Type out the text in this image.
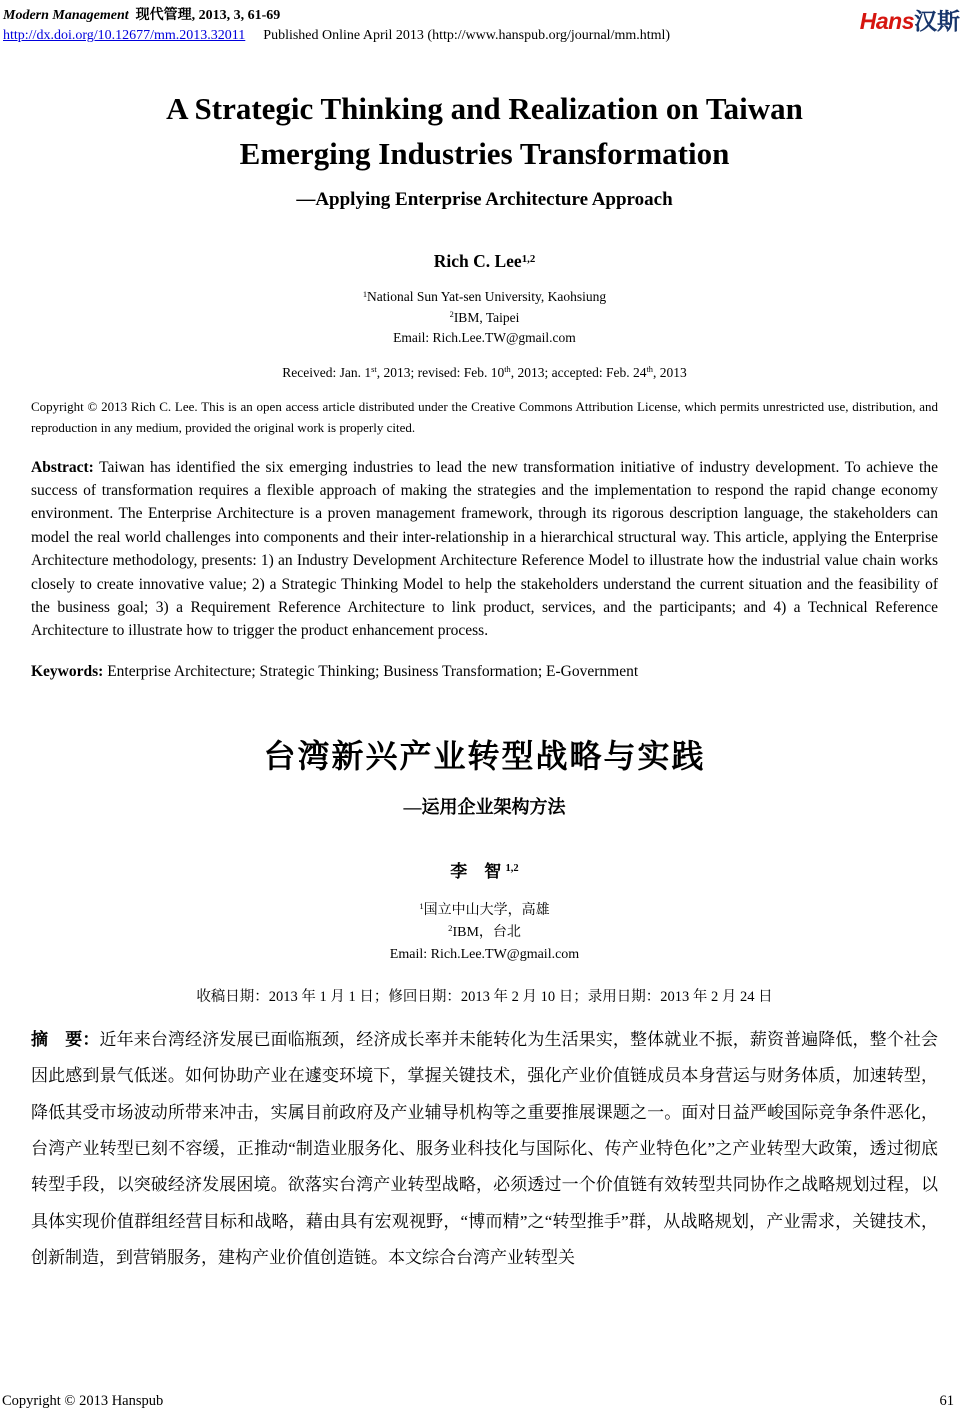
Modern Management 现代管理, 2013, 3, 61-69
http://dx.doi.org/10.12677/mm.2013.32011 Published Online April 2013 (http://www.hanspub.org/journal/mm.html)
Hans汉斯
A Strategic Thinking and Realization on Taiwan
Emerging Industries Transformation
—Applying Enterprise Architecture Approach
Rich C. Lee$^{1,2}$
$^1$National Sun Yat-sen University, Kaohsiung
$^2$IBM, Taipei
Email: Rich.Lee.TW@gmail.com
Received: Jan. 1st, 2013; revised: Feb. 10th, 2013; accepted: Feb. 24th, 2013
Copyright © 2013 Rich C. Lee. This is an open access article distributed under the Creative Commons Attribution License, which permits unrestricted use, distribution, and reproduction in any medium, provided the original work is properly cited.
Abstract: Taiwan has identified the six emerging industries to lead the new transformation initiative of industry development. To achieve the success of transformation requires a flexible approach of making the strategies and the implementation to respond the rapid change economy environment. The Enterprise Architecture is a proven management framework, through its rigorous description language, the stakeholders can model the real world challenges into components and their inter-relationship in a hierarchical structural way. This article, applying the Enterprise Architecture methodology, presents: 1) an Industry Development Architecture Reference Model to illustrate how the industrial value chain works closely to create innovative value; 2) a Strategic Thinking Model to help the stakeholders understand the current situation and the feasibility of the business goal; 3) a Requirement Reference Architecture to link product, services, and the participants; and 4) a Technical Reference Architecture to illustrate how to trigger the product enhancement process.
Keywords: Enterprise Architecture; Strategic Thinking; Business Transformation; E-Government
台湾新兴产业转型战略与实践
—运用企业架构方法
李　智 $^{1,2}$
$^1$国立中山大学，高雄
$^2$IBM，台北
Email: Rich.Lee.TW@gmail.com
收稿日期：2013 年 1 月 1 日；修回日期：2013 年 2 月 10 日；录用日期：2013 年 2 月 24 日
摘　要：近年来台湾经济发展已面临瓶颈，经济成长率并未能转化为生活果实，整体就业不振，薪资普遍降低，整个社会因此感到景气低迷。如何协助产业在遽变环境下，掌握关键技术，强化产业价值链成员本身营运与财务体质，加速转型，降低其受市场波动所带来冲击，实属目前政府及产业辅导机构等之重要推展课题之一。面对日益严峻国际竞争条件恶化，台湾产业转型已刻不容缓，正推动“制造业服务化、服务业科技化与国际化、传产业特色化”之产业转型大政策，透过彻底转型手段，以突破经济发展困境。欲落实台湾产业转型战略，必须透过一个价值链有效转型共同协作之战略规划过程，以具体实现价值群组经营目标和战略，藉由具有宏观视野，“博而精”之“转型推手”群，从战略规划，产业需求，关键技术，创新制造，到营销服务，建构产业价值创造链。本文综合台湾产业转型关
Copyright © 2013 Hanspub	61
